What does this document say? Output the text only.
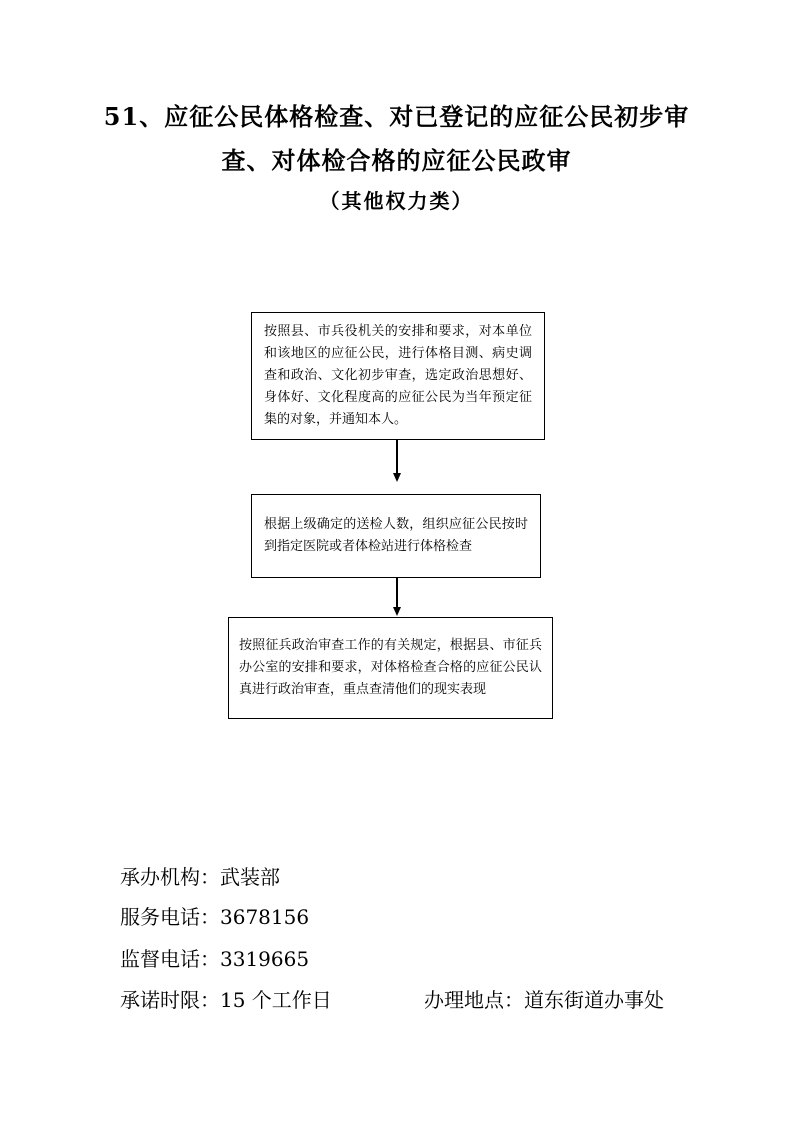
51、应征公民体格检查、对已登记的应征公民初步审
查、对体检合格的应征公民政审
（其他权力类）
按照县、市兵役机关的安排和要求，对本单位和该地区的应征公民，进行体格目测、病史调查和政治、文化初步审查，选定政治思想好、身体好、文化程度高的应征公民为当年预定征集的对象，并通知本人。
根据上级确定的送检人数，组织应征公民按时到指定医院或者体检站进行体格检查
按照征兵政治审查工作的有关规定，根据县、市征兵办公室的安排和要求，对体格检查合格的应征公民认真进行政治审查，重点查清他们的现实表现
承办机构：武装部
服务电话：3678156
监督电话：3319665
承诺时限：15 个工作日	办理地点：道东街道办事处
